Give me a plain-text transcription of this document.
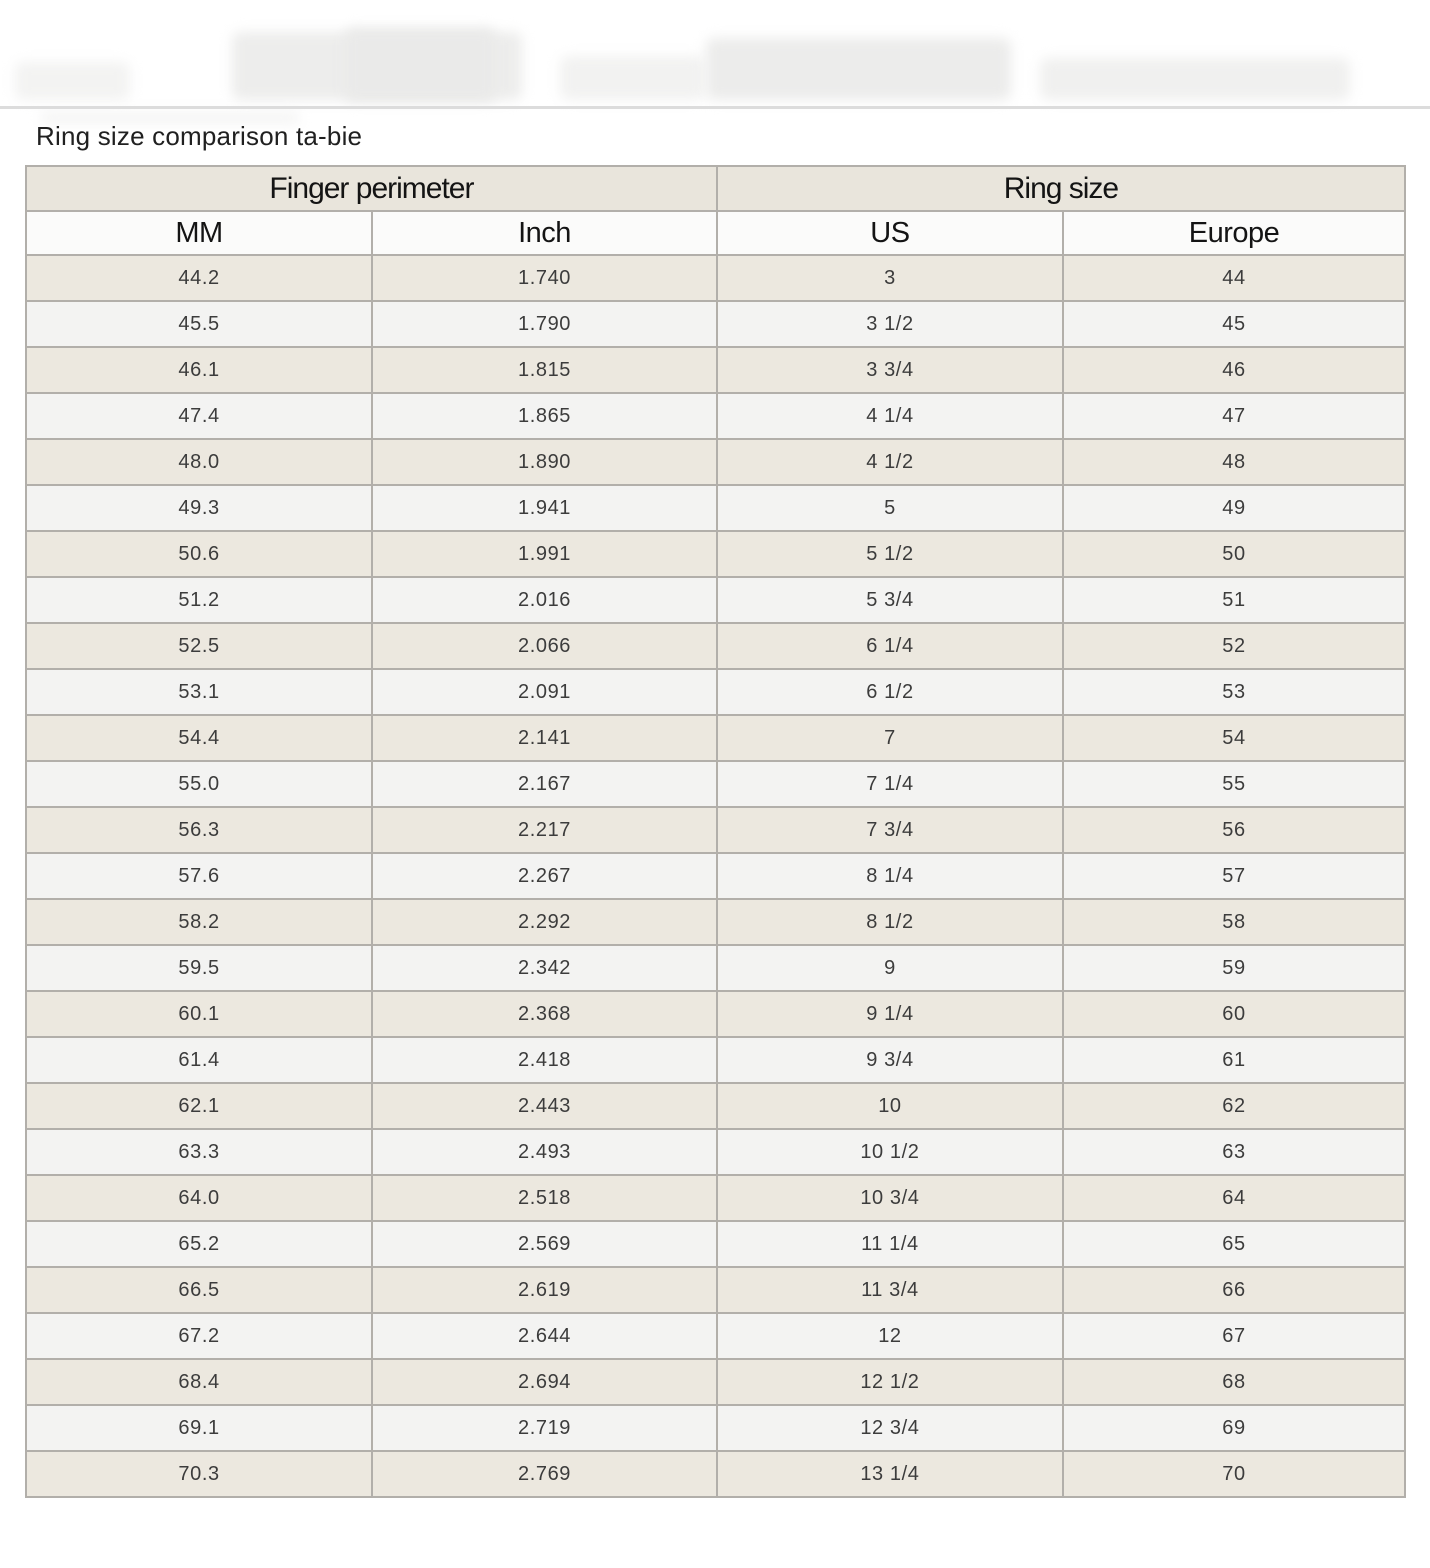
Ring size comparison ta-bie
Finger perimeter		Ring size	
MM	Inch	US	Europe
44.2	1.740	3	44
45.5	1.790	3 1/2	45
46.1	1.815	3 3/4	46
47.4	1.865	4 1/4	47
48.0	1.890	4 1/2	48
49.3	1.941	5	49
50.6	1.991	5 1/2	50
51.2	2.016	5 3/4	51
52.5	2.066	6 1/4	52
53.1	2.091	6 1/2	53
54.4	2.141	7	54
55.0	2.167	7 1/4	55
56.3	2.217	7 3/4	56
57.6	2.267	8 1/4	57
58.2	2.292	8 1/2	58
59.5	2.342	9	59
60.1	2.368	9 1/4	60
61.4	2.418	9 3/4	61
62.1	2.443	10	62
63.3	2.493	10 1/2	63
64.0	2.518	10 3/4	64
65.2	2.569	11 1/4	65
66.5	2.619	11 3/4	66
67.2	2.644	12	67
68.4	2.694	12 1/2	68
69.1	2.719	12 3/4	69
70.3	2.769	13 1/4	70
